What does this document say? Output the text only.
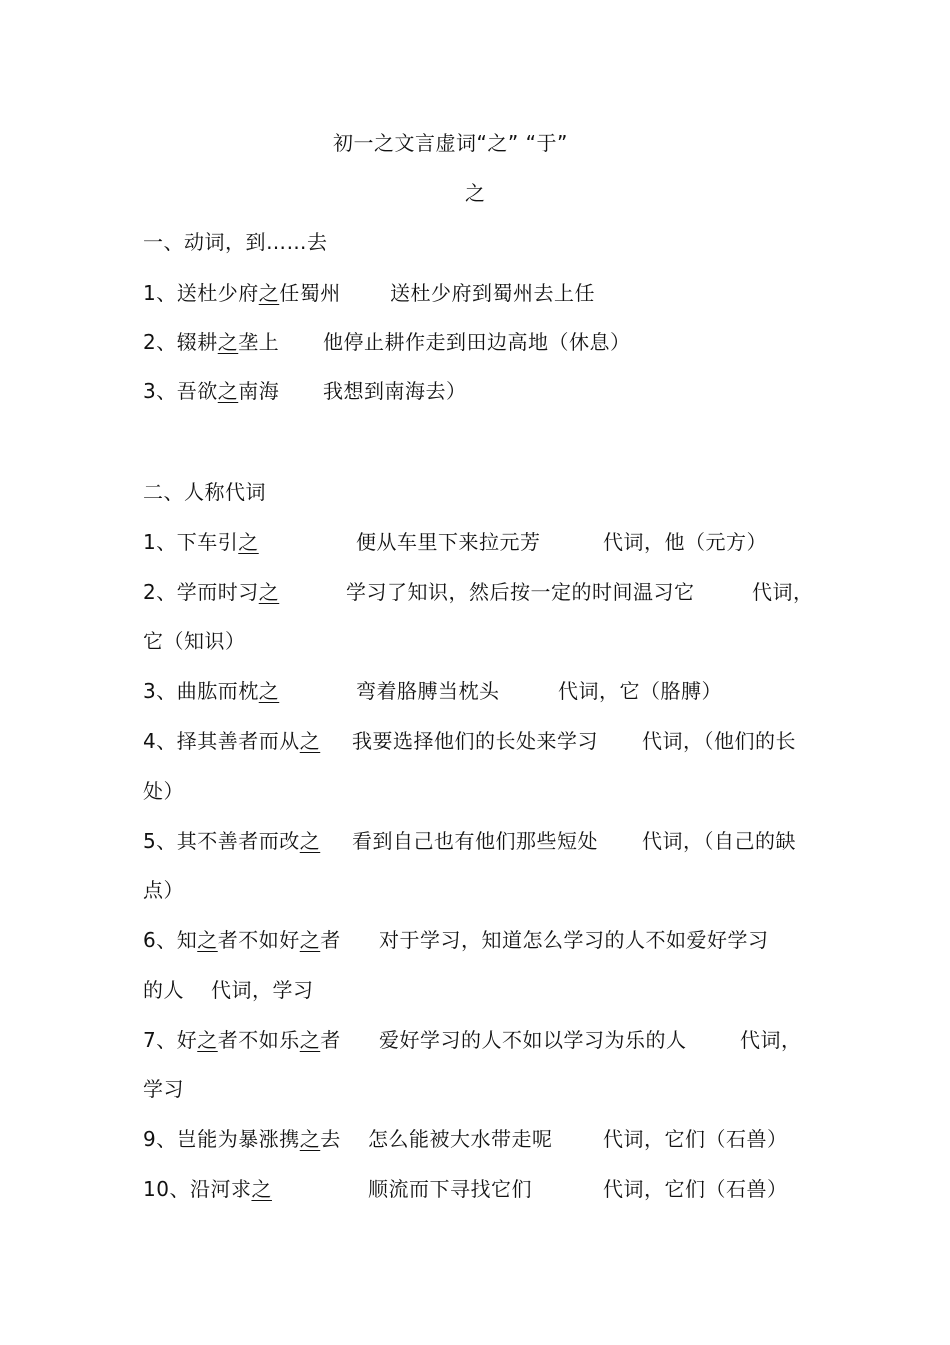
初一之文言虚词“之” “于”
之
一、动词，到……去
1、送杜少府之任蜀州 送杜少府到蜀州去上任
2、辍耕之垄上 他停止耕作走到田边高地（休息）
3、吾欲之南海 我想到南海去）
二、人称代词
1、下车引之	便从车里下来拉元芳	代词，他（元方）
2、学而时习之	学习了知识，然后按一定的时间温习它	代词，
它（知识）
3、曲肱而枕之	弯着胳膊当枕头	代词，它（胳膊）
4、择其善者而从之 我要选择他们的长处来学习 代词，（他们的长
处）
5、其不善者而改之 看到自己也有他们那些短处 代词，（自己的缺
点）
6、知之者不如好之者 对于学习，知道怎么学习的人不如爱好学习
的人 代词，学习
7、好之者不如乐之者 爱好学习的人不如以学习为乐的人	代词，
学习
9、岂能为暴涨携之去 怎么能被大水带走呢	代词，它们（石兽）
10、沿河求之	顺流而下寻找它们	代词，它们（石兽）
